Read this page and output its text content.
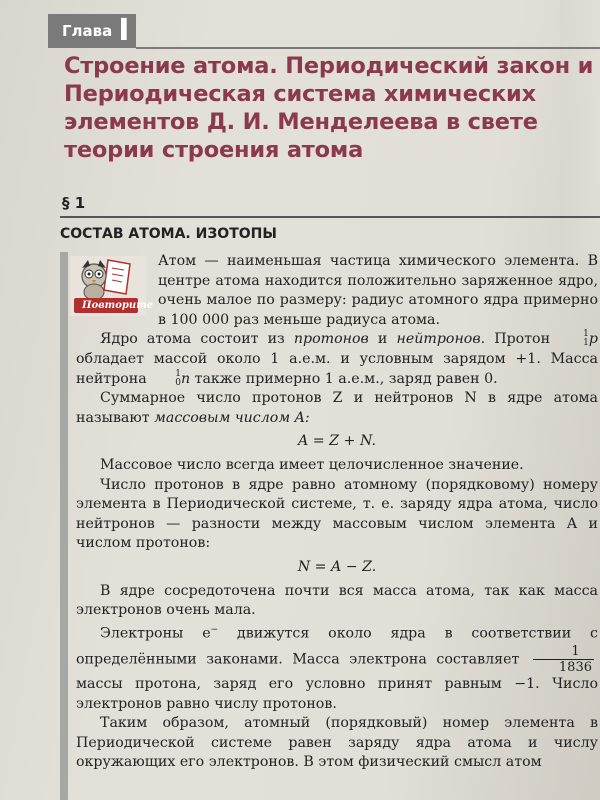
Глава I
Строение атома. Периодический закон и Периодическая система химических элементов Д. И. Менделеева в свете теории строения атома
§ 1
СОСТАВ АТОМА. ИЗОТОПЫ
Повторите

Атом — наименьшая частица химического элемента. В центре атома находится положительно заряженное ядро, очень малое по размеру: радиус атомного ядра примерно в 100 000 раз меньше радиуса атома.

Ядро атома состоит из протонов и нейтронов. Протон	1
1 p обладает массой около 1 а.е.м. и условным зарядом +1. Масса нейтрона	1
0 n также примерно 1 а.е.м., заряд равен 0.

Суммарное число протонов Z и нейтронов N в ядре атома называют массовым числом A:

A = Z + N.

Массовое число всегда имеет целочисленное значение.

Число протонов в ядре равно атомному (порядковому) номеру элемента в Периодической системе, т. е. заряду ядра атома, число нейтронов — разности между массовым числом элемента A и числом протонов:

N = A − Z.

В ядре сосредоточена почти вся масса атома, так как масса электронов очень мала.

Электроны e− движутся около ядра в соответствии с определёнными законами. Масса электрона составляет $\frac{1}{1836}$
массы протона, заряд его условно принят равным −1. Число электронов равно числу протонов.

Таким образом, атомный (порядковый) номер элемента в Периодической системе равен заряду ядра атома и числу окружающих его электронов. В этом физический смысл атом
